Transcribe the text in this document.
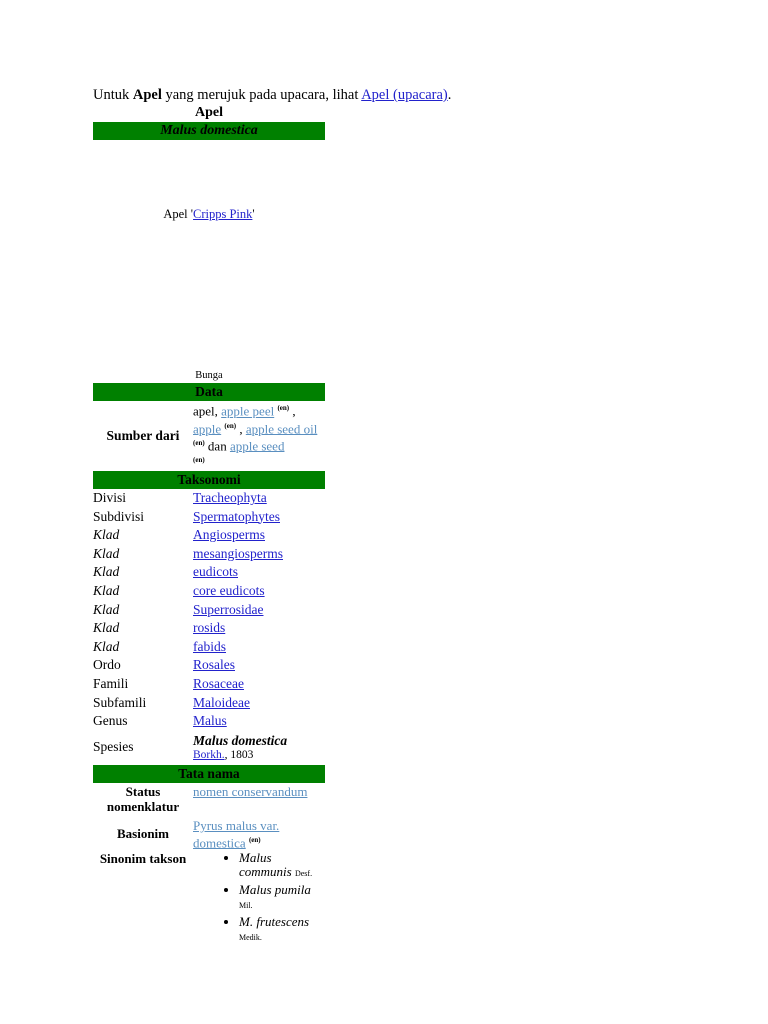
Untuk Apel yang merujuk pada upacara, lihat Apel (upacara).
Apel
Malus domestica
Apel 'Cripps Pink'
Bunga
Data
Sumber dari
apel, apple peel $^{(en)}$ , apple $^{(en)}$ , apple seed oil $^{(en)}$ dan apple seed
$^{(en)}$
Taksonomi
Divisi	Tracheophyta
Subdivisi	Spermatophytes
Klad	Angiosperms
Klad	mesangiosperms
Klad	eudicots
Klad	core eudicots
Klad	Superrosidae
Klad	rosids
Klad	fabids
Ordo	Rosales
Famili	Rosaceae
Subfamili	Maloideae
Genus	Malus
Spesies	Malus domestica
Borkh., 1803
Tata nama
Status nomenklatur
nomen conservandum
Basionim
Pyrus malus var. domestica $^{(en)}$
Sinonim takson
•	Malus communis Desf.
• Malus pumila Mil.
• M. frutescens Medik.
